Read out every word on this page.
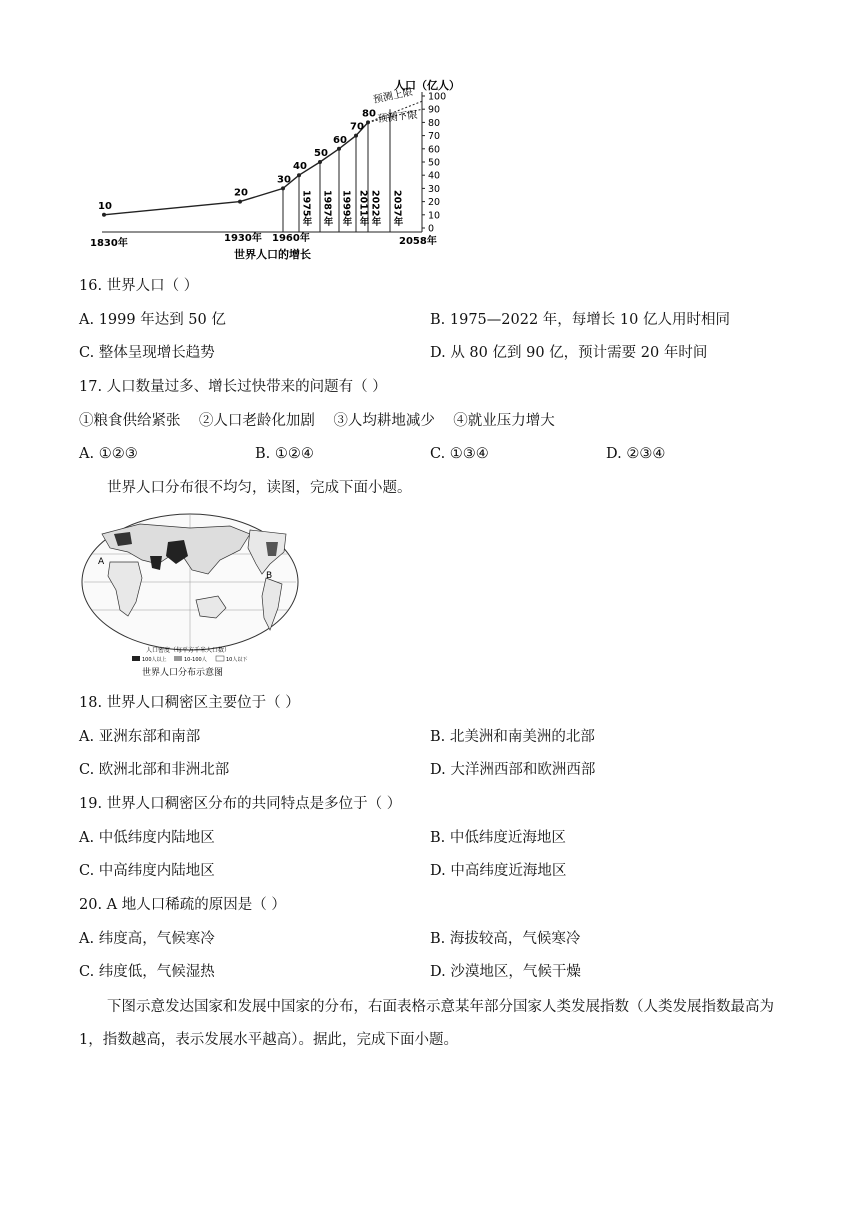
100
90
80
70
60
50
40
30
20
10
0
10
20
30
40
50
60
70
80
1975年 1987年 1999年 2011年 2022年 2037年
人口（亿人）
预测上限
预测下限
1830年	1930年 1960年	2058年
世界人口的增长
16. 世界人口（ ）
A. 1999 年达到 50 亿	B. 1975—2022 年，每增长 10 亿人用时相同
C. 整体呈现增长趋势	D. 从 80 亿到 90 亿，预计需要 20 年时间
17. 人口数量过多、增长过快带来的问题有（ ）
①粮食供给紧张    ②人口老龄化加剧    ③人均耕地减少    ④就业压力增大
A. ①②③	B. ①②④	C. ①③④	D. ②③④
世界人口分布很不均匀，读图，完成下面小题。
A
B
人口密度（每平方千米人口数）
100人以上	10-100人	10人以下
世界人口分布示意图
18. 世界人口稠密区主要位于（ ）
A. 亚洲东部和南部	B. 北美洲和南美洲的北部
C. 欧洲北部和非洲北部	D. 大洋洲西部和欧洲西部
19. 世界人口稠密区分布的共同特点是多位于（ ）
A. 中低纬度内陆地区	B. 中低纬度近海地区
C. 中高纬度内陆地区	D. 中高纬度近海地区
20. A 地人口稀疏的原因是（ ）
A. 纬度高，气候寒冷	B. 海拔较高，气候寒冷
C. 纬度低，气候湿热	D. 沙漠地区，气候干燥
下图示意发达国家和发展中国家的分布，右面表格示意某年部分国家人类发展指数（人类发展指数最高为 1，指数越高，表示发展水平越高）。据此，完成下面小题。
